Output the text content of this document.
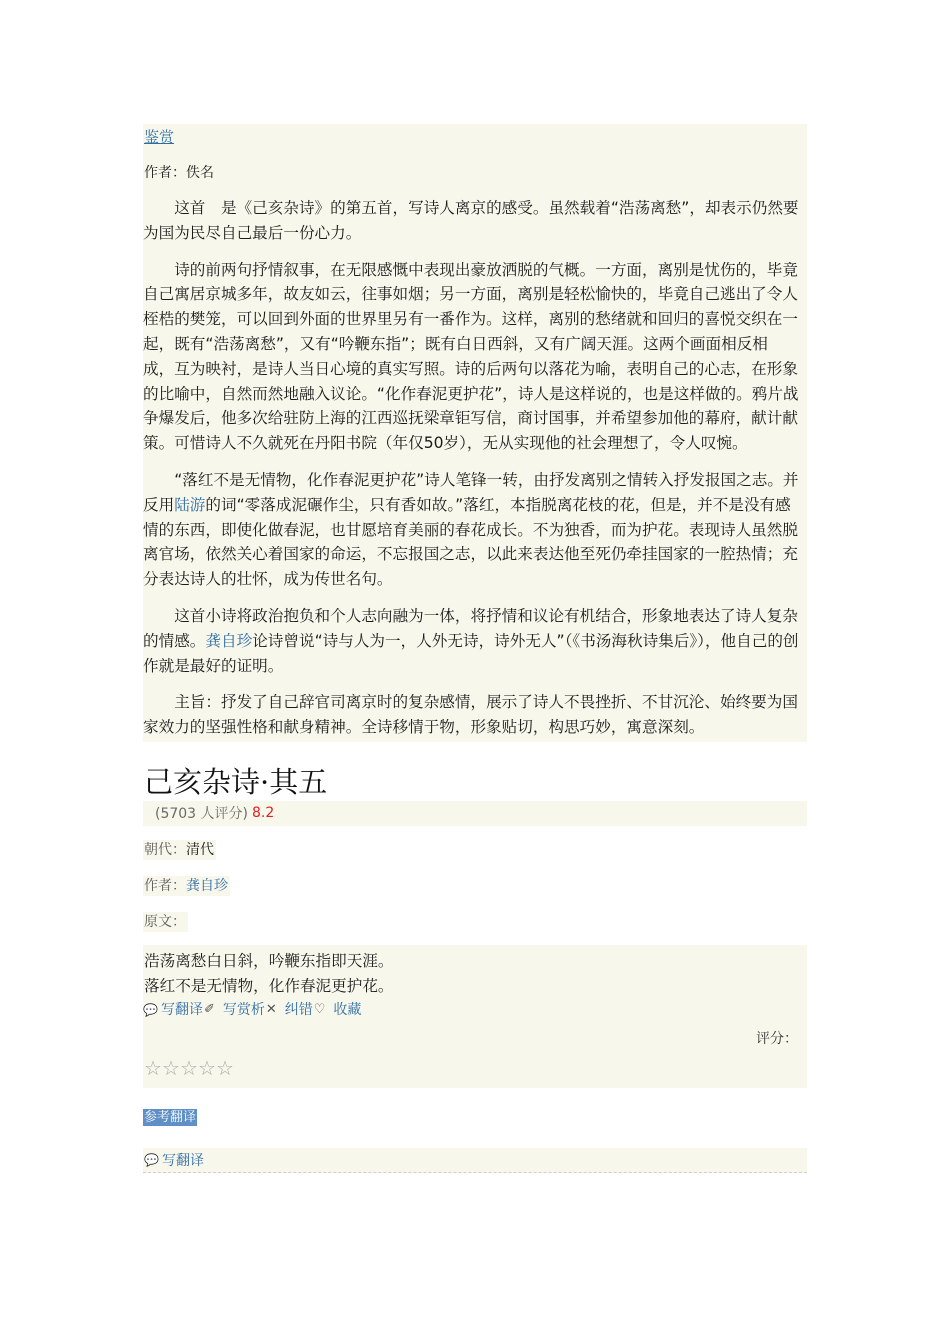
鉴赏
作者：佚名

这首　是《己亥杂诗》的第五首，写诗人离京的感受。虽然载着“浩荡离愁”，却表示仍然要为国为民尽自己最后一份心力。

诗的前两句抒情叙事，在无限感慨中表现出豪放洒脱的气概。一方面，离别是忧伤的，毕竟自己寓居京城多年，故友如云，往事如烟；另一方面，离别是轻松愉快的，毕竟自己逃出了令人桎梏的樊笼，可以回到外面的世界里另有一番作为。这样，离别的愁绪就和回归的喜悦交织在一起，既有“浩荡离愁”，又有“吟鞭东指”；既有白日西斜，又有广阔天涯。这两个画面相反相成，互为映衬，是诗人当日心境的真实写照。诗的后两句以落花为喻，表明自己的心志，在形象的比喻中，自然而然地融入议论。“化作春泥更护花”，诗人是这样说的，也是这样做的。鸦片战争爆发后，他多次给驻防上海的江西巡抚梁章钜写信，商讨国事，并希望参加他的幕府，献计献策。可惜诗人不久就死在丹阳书院（年仅50岁），无从实现他的社会理想了，令人叹惋。

“落红不是无情物，化作春泥更护花”诗人笔锋一转，由抒发离别之情转入抒发报国之志。并反用陆游的词“零落成泥碾作尘，只有香如故。”落红，本指脱离花枝的花，但是，并不是没有感情的东西，即使化做春泥，也甘愿培育美丽的春花成长。不为独香，而为护花。表现诗人虽然脱离官场，依然关心着国家的命运，不忘报国之志，以此来表达他至死仍牵挂国家的一腔热情；充分表达诗人的壮怀，成为传世名句。

这首小诗将政治抱负和个人志向融为一体，将抒情和议论有机结合，形象地表达了诗人复杂的情感。龚自珍论诗曾说“诗与人为一，人外无诗，诗外无人”（《书汤海秋诗集后》），他自己的创作就是最好的证明。

主旨：抒发了自己辞官司离京时的复杂感情，展示了诗人不畏挫折、不甘沉沦、始终要为国家效力的坚强性格和献身精神。全诗移情于物，形象贴切，构思巧妙，寓意深刻。

己亥杂诗·其五
(5703 人评分) 8.2
朝代：清代
作者：龚自珍
原文：
浩荡离愁白日斜，吟鞭东指即天涯。
落红不是无情物，化作春泥更护花。
💬 写翻译 ✐ 写赏析 ✕ 纠错 ♡ 收藏
评分：
☆ ☆ ☆ ☆ ☆
参考翻译
💬 写翻译
